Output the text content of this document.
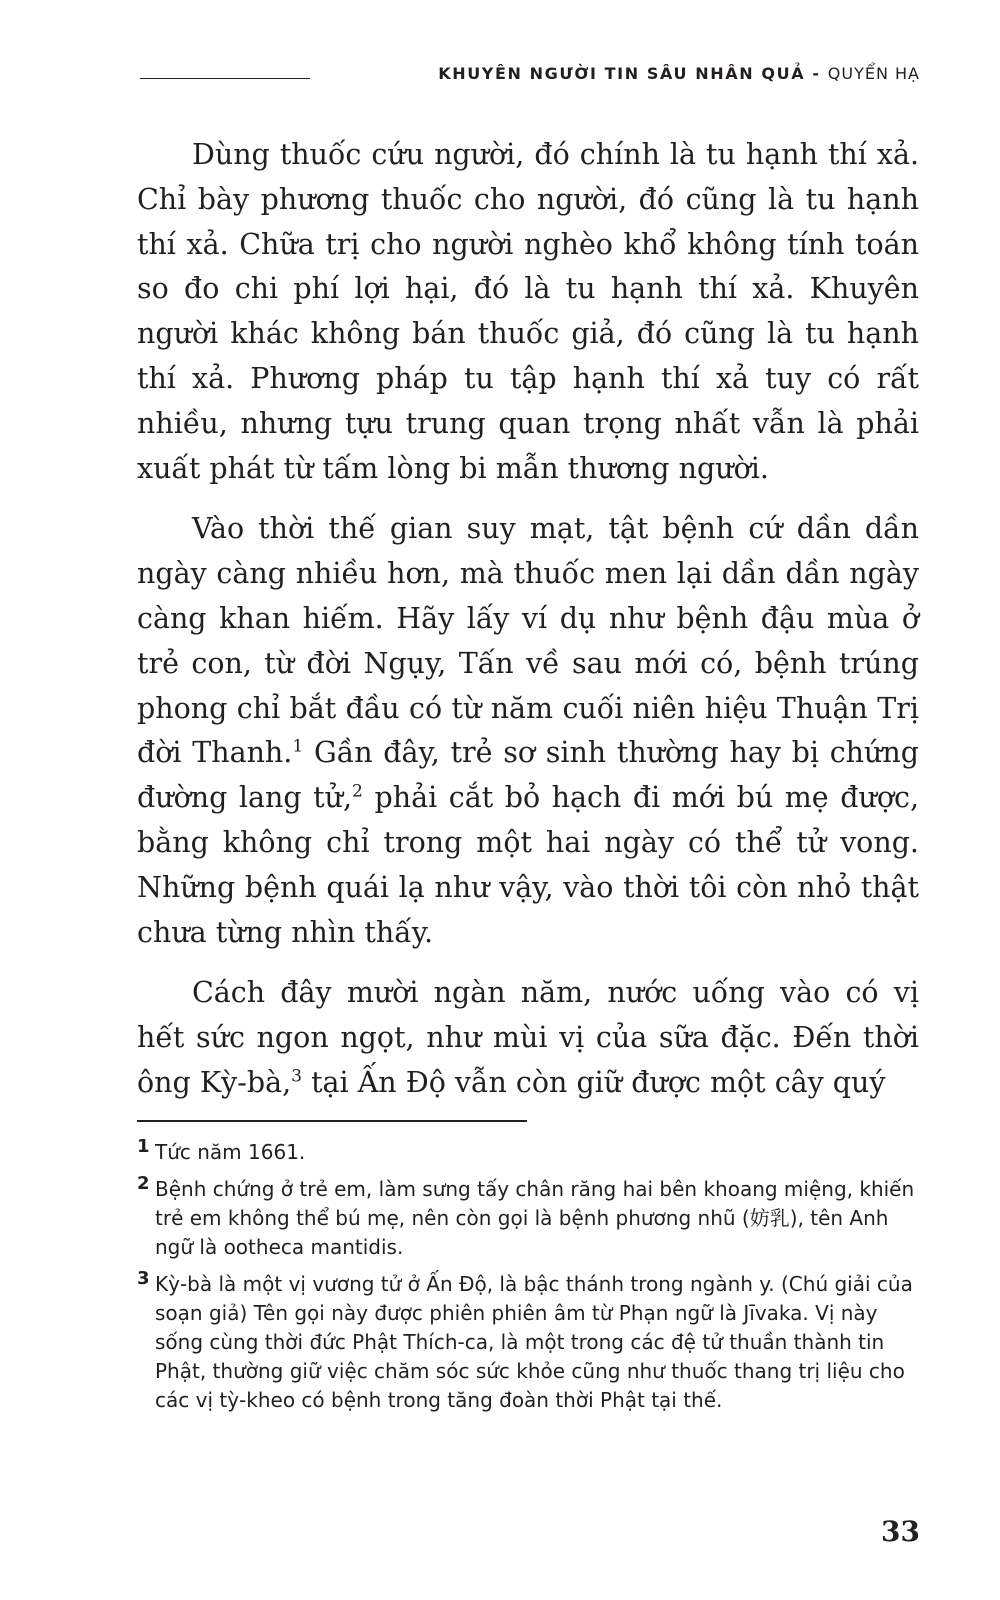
KHUYÊN NGƯỜI TIN SÂU NHÂN QUẢ - QUYỂN HẠ

Dùng thuốc cứu người, đó chính là tu hạnh thí xả. Chỉ bày phương thuốc cho người, đó cũng là tu hạnh thí xả. Chữa trị cho người nghèo khổ không tính toán so đo chi phí lợi hại, đó là tu hạnh thí xả. Khuyên người khác không bán thuốc giả, đó cũng là tu hạnh thí xả. Phương pháp tu tập hạnh thí xả tuy có rất nhiều, nhưng tựu trung quan trọng nhất vẫn là phải xuất phát từ tấm lòng bi mẫn thương người.

Vào thời thế gian suy mạt, tật bệnh cứ dần dần ngày càng nhiều hơn, mà thuốc men lại dần dần ngày càng khan hiếm. Hãy lấy ví dụ như bệnh đậu mùa ở trẻ con, từ đời Ngụy, Tấn về sau mới có, bệnh trúng phong chỉ bắt đầu có từ năm cuối niên hiệu Thuận Trị đời Thanh.$^1$ Gần đây, trẻ sơ sinh thường hay bị chứng đường lang tử,$^2$ phải cắt bỏ hạch đi mới bú mẹ được, bằng không chỉ trong một hai ngày có thể tử vong. Những bệnh quái lạ như vậy, vào thời tôi còn nhỏ thật chưa từng nhìn thấy.

Cách đây mười ngàn năm, nước uống vào có vị hết sức ngon ngọt, như mùi vị của sữa đặc. Đến thời ông Kỳ-bà,$^3$ tại Ấn Độ vẫn còn giữ được một cây quý

1 Tức năm 1661.
2 Bệnh chứng ở trẻ em, làm sưng tấy chân răng hai bên khoang miệng, khiến trẻ em không thể bú mẹ, nên còn gọi là bệnh phương nhũ (妨乳), tên Anh ngữ là ootheca mantidis.
3 Kỳ-bà là một vị vương tử ở Ấn Độ, là bậc thánh trong ngành y. (Chú giải của soạn giả) Tên gọi này được phiên phiên âm từ Phạn ngữ là Jīvaka. Vị này sống cùng thời đức Phật Thích-ca, là một trong các đệ tử thuần thành tin Phật, thường giữ việc chăm sóc sức khỏe cũng như thuốc thang trị liệu cho các vị tỳ-kheo có bệnh trong tăng đoàn thời Phật tại thế.
33
